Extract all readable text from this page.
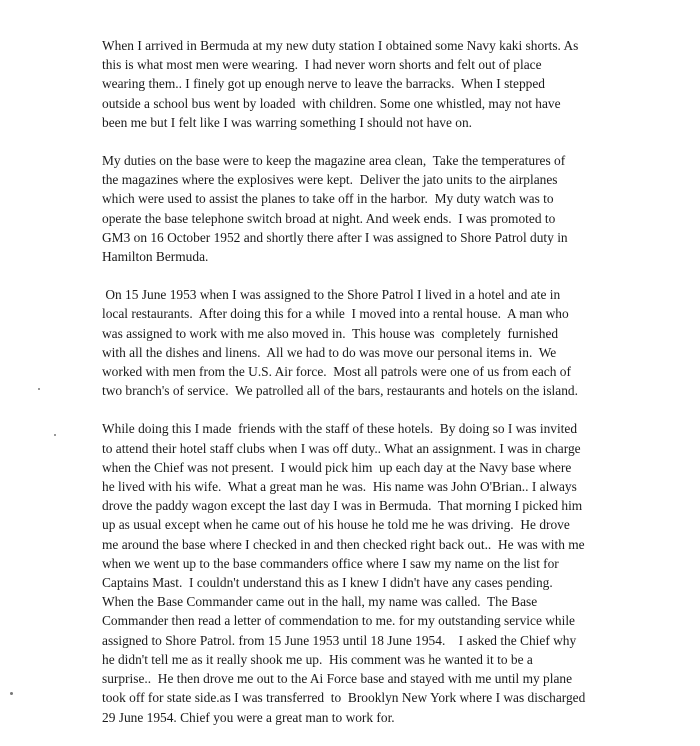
When I arrived in Bermuda at my new duty station I obtained some Navy kaki shorts. As
this is what most men were wearing.  I had never worn shorts and felt out of place
wearing them.. I finely got up enough nerve to leave the barracks.  When I stepped
outside a school bus went by loaded  with children. Some one whistled, may not have
been me but I felt like I was warring something I should not have on.

My duties on the base were to keep the magazine area clean,  Take the temperatures of
the magazines where the explosives were kept.  Deliver the jato units to the airplanes
which were used to assist the planes to take off in the harbor.  My duty watch was to
operate the base telephone switch broad at night. And week ends.  I was promoted to
GM3 on 16 October 1952 and shortly there after I was assigned to Shore Patrol duty in
Hamilton Bermuda.

On 15 June 1953 when I was assigned to the Shore Patrol I lived in a hotel and ate in
local restaurants.  After doing this for a while  I moved into a rental house.  A man who
was assigned to work with me also moved in.  This house was  completely  furnished
with all the dishes and linens.  All we had to do was move our personal items in.  We
worked with men from the U.S. Air force.  Most all patrols were one of us from each of
two branch's of service.  We patrolled all of the bars, restaurants and hotels on the island.

While doing this I made  friends with the staff of these hotels.  By doing so I was invited
to attend their hotel staff clubs when I was off duty.. What an assignment. I was in charge
when the Chief was not present.  I would pick him  up each day at the Navy base where
he lived with his wife.  What a great man he was.  His name was John O'Brian.. I always
drove the paddy wagon except the last day I was in Bermuda.  That morning I picked him
up as usual except when he came out of his house he told me he was driving.  He drove
me around the base where I checked in and then checked right back out..  He was with me
when we went up to the base commanders office where I saw my name on the list for
Captains Mast.  I couldn't understand this as I knew I didn't have any cases pending.
When the Base Commander came out in the hall, my name was called.  The Base
Commander then read a letter of commendation to me. for my outstanding service while
assigned to Shore Patrol. from 15 June 1953 until 18 June 1954.    I asked the Chief why
he didn't tell me as it really shook me up.  His comment was he wanted it to be a
surprise..  He then drove me out to the Ai Force base and stayed with me until my plane
took off for state side.as I was transferred  to  Brooklyn New York where I was discharged
29 June 1954. Chief you were a great man to work for.
